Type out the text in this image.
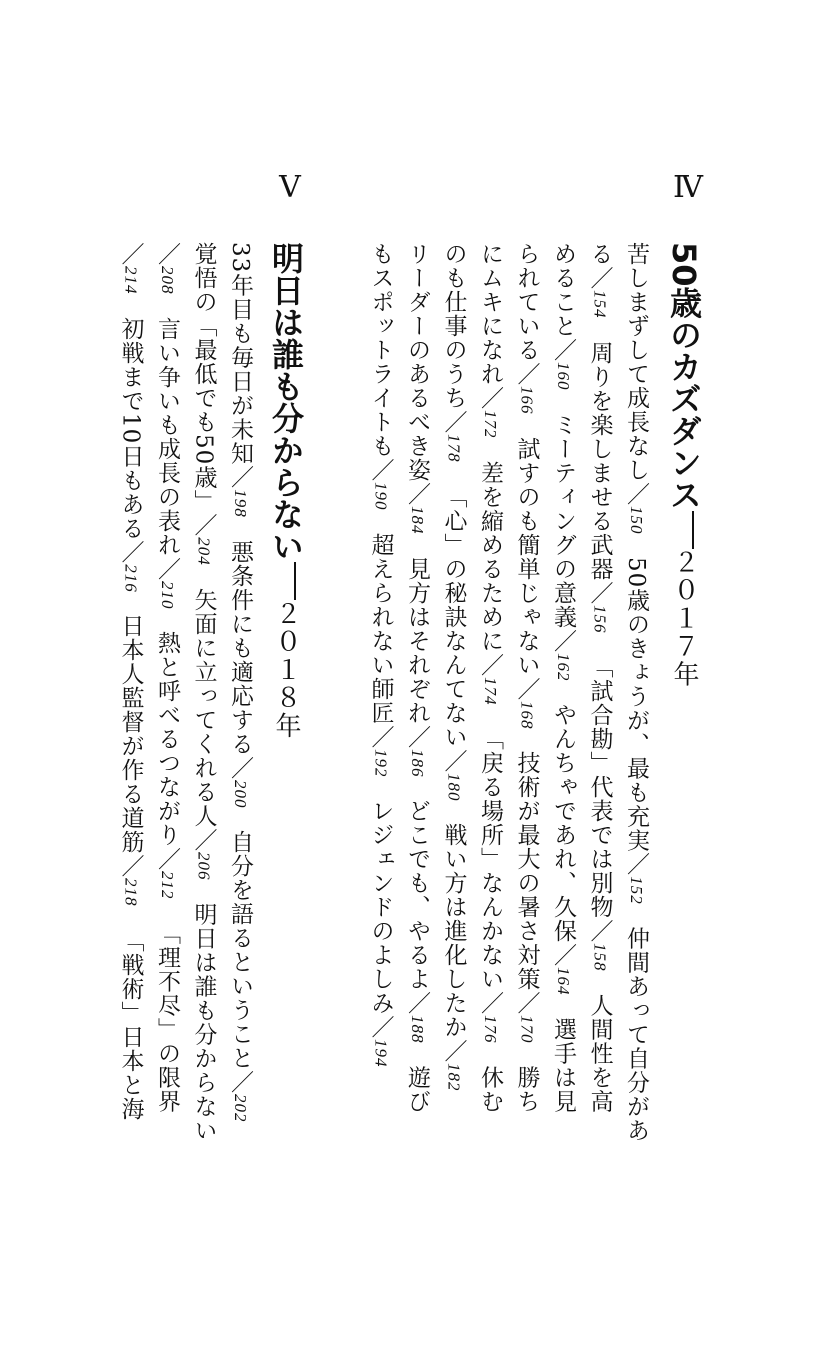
Ⅳ
Ⅴ
50歳のカズダンス２０１７年
明日は誰も分からない２０１８年
苦しまずして成長なし／15050歳のきょうが、最も充実／152仲間あって自分があ
る／154周りを楽しませる武器／156「試合勘」代表では別物／158人間性を高
めること／160ミーティングの意義／162やんちゃであれ、久保／164選手は見
られている／166試すのも簡単じゃない／168技術が最大の暑さ対策／170勝ち
にムキになれ／172差を縮めるために／174「戻る場所」なんかない／176休む
のも仕事のうち／178「心」の秘訣なんてない／180戦い方は進化したか／182
リーダーのあるべき姿／184見方はそれぞれ／186どこでも、やるよ／188遊び
もスポットライトも／190超えられない師匠／192レジェンドのよしみ／194
33年目も毎日が未知／198悪条件にも適応する／200自分を語るということ／202
覚悟の「最低でも50歳」／204矢面に立ってくれる人／206明日は誰も分からない
／208言い争いも成長の表れ／210熱と呼べるつながり／212「理不尽」の限界
／214初戦まで10日もある／216日本人監督が作る道筋／218「戦術」日本と海
